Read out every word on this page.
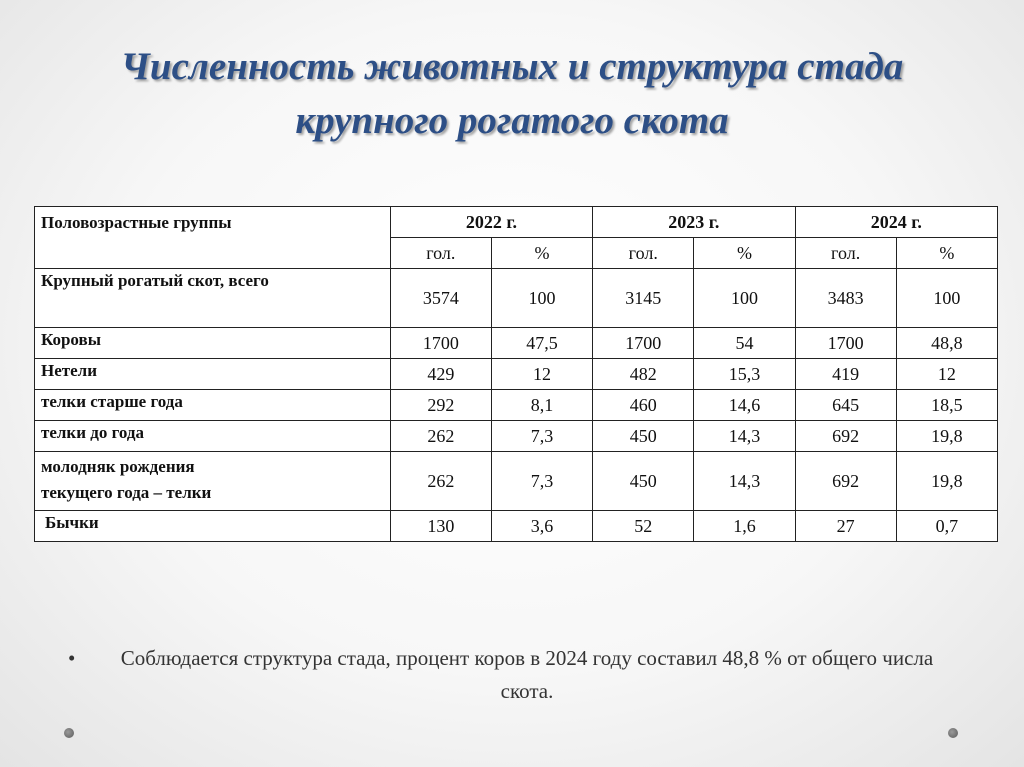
Численность животных и структура стада
крупного рогатого скота
Половозрастные группы	2022 г.		2023 г.		2024 г.	
	гол.	%	гол.	%	гол.	%
Крупный рогатый скот, всего	3574	100	3145	100	3483	100
Коровы	1700	47,5	1700	54	1700	48,8
Нетели	429	12	482	15,3	419	12
телки старше года	292	8,1	460	14,6	645	18,5
телки до года	262	7,3	450	14,3	692	19,8
молодняк рождения
текущего года – телки	262	7,3	450	14,3	692	19,8
Бычки	130	3,6	52	1,6	27	0,7
•	Соблюдается структура стада, процент коров в 2024 году составил 48,8 % от общего числа скота.
